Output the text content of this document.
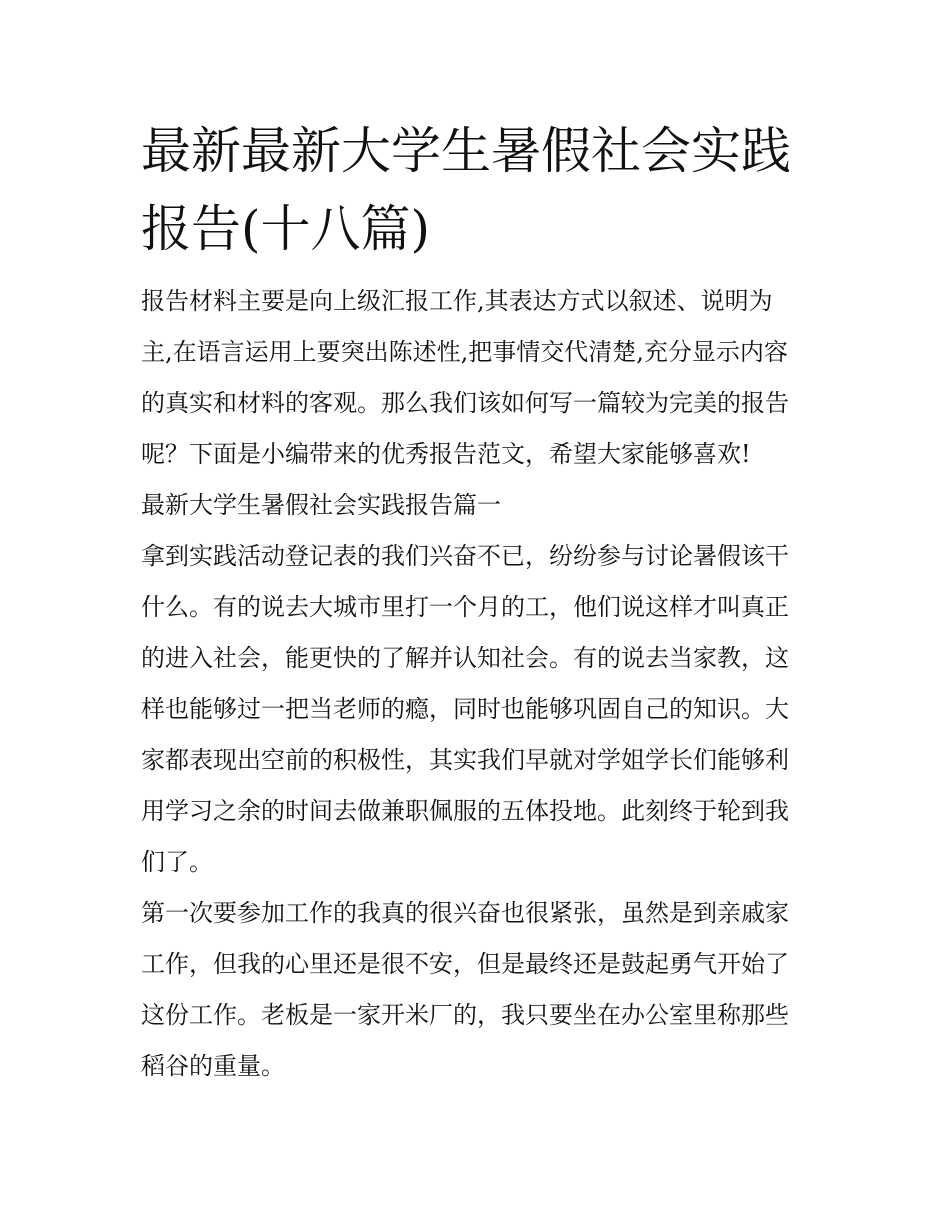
最新最新大学生暑假社会实践
报告(十八篇)

报告材料主要是向上级汇报工作,其表达方式以叙述、说明为
主,在语言运用上要突出陈述性,把事情交代清楚,充分显示内容
的真实和材料的客观。那么我们该如何写一篇较为完美的报告
呢？下面是小编带来的优秀报告范文，希望大家能够喜欢!

最新大学生暑假社会实践报告篇一

拿到实践活动登记表的我们兴奋不已，纷纷参与讨论暑假该干
什么。有的说去大城市里打一个月的工，他们说这样才叫真正
的进入社会，能更快的了解并认知社会。有的说去当家教，这
样也能够过一把当老师的瘾，同时也能够巩固自己的知识。大
家都表现出空前的积极性，其实我们早就对学姐学长们能够利
用学习之余的时间去做兼职佩服的五体投地。此刻终于轮到我
们了。

第一次要参加工作的我真的很兴奋也很紧张，虽然是到亲戚家
工作，但我的心里还是很不安，但是最终还是鼓起勇气开始了
这份工作。老板是一家开米厂的，我只要坐在办公室里称那些
稻谷的重量。
